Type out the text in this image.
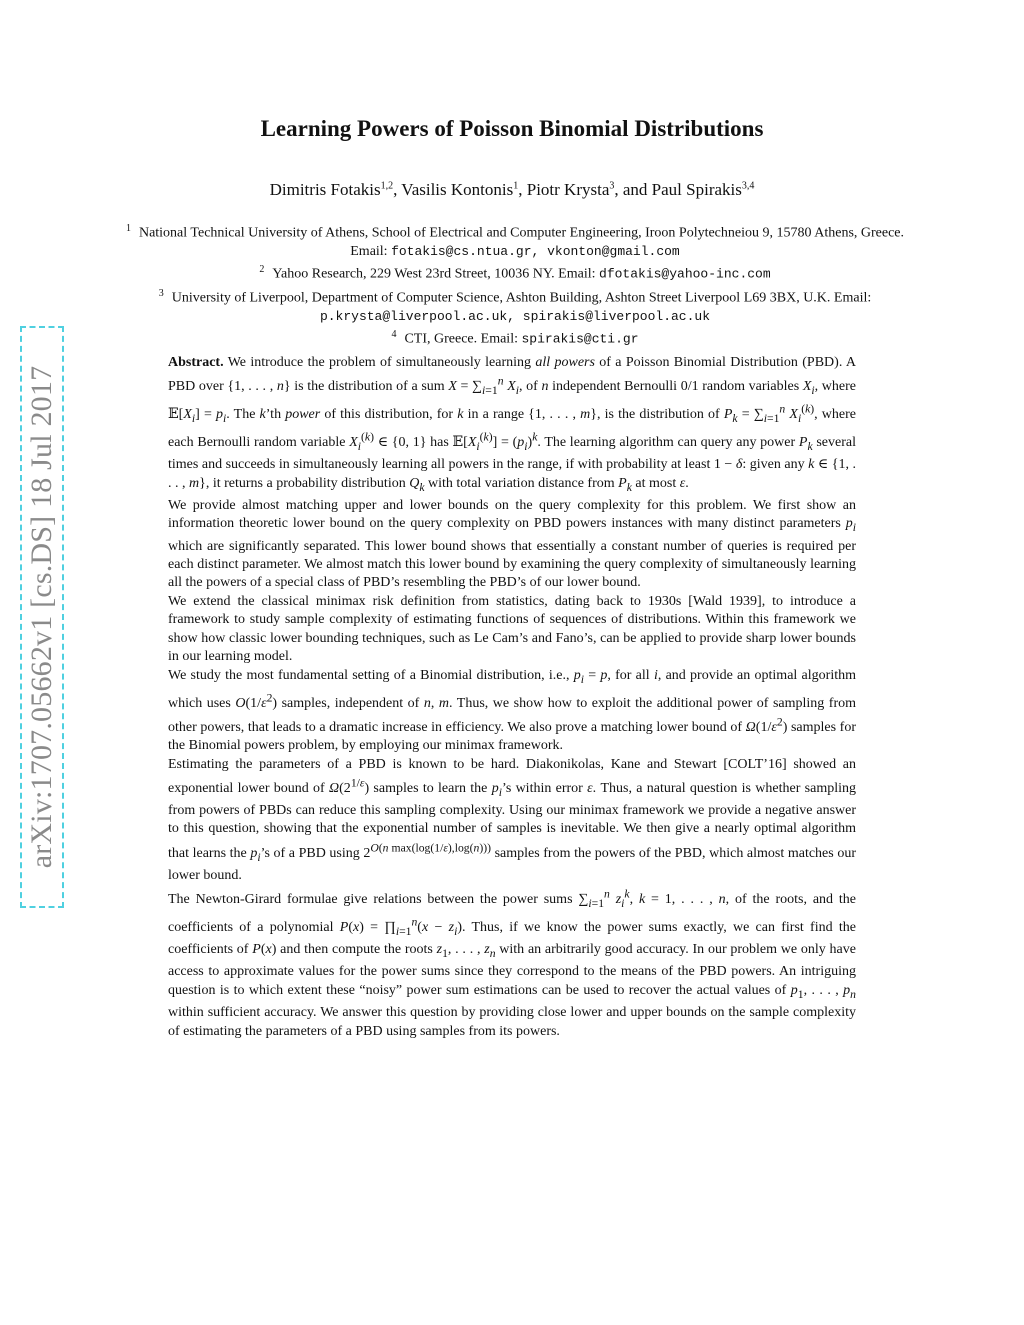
arXiv:1707.05662v1 [cs.DS] 18 Jul 2017
Learning Powers of Poisson Binomial Distributions
Dimitris Fotakis$^{1,2}$, Vasilis Kontonis$^1$, Piotr Krysta$^3$, and Paul Spirakis$^{3,4}$
$^1$ National Technical University of Athens, School of Electrical and Computer Engineering, Iroon Polytechneiou 9, 15780 Athens, Greece. Email: fotakis@cs.ntua.gr, vkonton@gmail.com
$^2$ Yahoo Research, 229 West 23rd Street, 10036 NY. Email: dfotakis@yahoo-inc.com
$^3$ University of Liverpool, Department of Computer Science, Ashton Building, Ashton Street Liverpool L69 3BX, U.K. Email: p.krysta@liverpool.ac.uk, spirakis@liverpool.ac.uk
$^4$ CTI, Greece. Email: spirakis@cti.gr

Abstract. We introduce the problem of simultaneously learning all powers of a Poisson Binomial Distribution (PBD). A PBD over {1, . . . , n} is the distribution of a sum $X = \sum_{i=1}^n$ $X_i$, of n independent Bernoulli 0/1 random variables $X_i$, where $𝔼[X_i] = p_i$. The k’th power of this distribution, for k in a range {1, . . . , m}, is the distribution of $P_k = \sum_{i=1}^n$ $X_i^{(k)}$, where each Bernoulli random variable $X_i^{(k)}$ ∈ {0, 1} has $𝔼[X_i^{(k)}] = (p_i)^k$. The learning algorithm can query any power $P_k$ several times and succeeds in simultaneously learning all powers in the range, if with probability at least 1 − δ: given any k ∈ {1, . . . , m}, it returns a probability distribution $Q_k$ with total variation distance from $P_k$ at most ε.

We provide almost matching upper and lower bounds on the query complexity for this problem. We first show an information theoretic lower bound on the query complexity on PBD powers instances with many distinct parameters $p_i$ which are significantly separated. This lower bound shows that essentially a constant number of queries is required per each distinct parameter. We almost match this lower bound by examining the query complexity of simultaneously learning all the powers of a special class of PBD’s resembling the PBD’s of our lower bound.

We extend the classical minimax risk definition from statistics, dating back to 1930s [Wald 1939], to introduce a framework to study sample complexity of estimating functions of sequences of distributions. Within this framework we show how classic lower bounding techniques, such as Le Cam’s and Fano’s, can be applied to provide sharp lower bounds in our learning model.

We study the most fundamental setting of a Binomial distribution, i.e., $p_i = p$, for all i, and provide an optimal algorithm which uses $O(1/\varepsilon^2)$ samples, independent of n, m. Thus, we show how to exploit the additional power of sampling from other powers, that leads to a dramatic increase in efficiency. We also prove a matching lower bound of $\Omega(1/\varepsilon^2)$ samples for the Binomial powers problem, by employing our minimax framework.

Estimating the parameters of a PBD is known to be hard. Diakonikolas, Kane and Stewart [COLT’16] showed an exponential lower bound of $\Omega(2^{1/\varepsilon})$ samples to learn the $p_i’s$ within error ε. Thus, a natural question is whether sampling from powers of PBDs can reduce this sampling complexity. Using our minimax framework we provide a negative answer to this question, showing that the exponential number of samples is inevitable. We then give a nearly optimal algorithm that learns the $p_i’s$ of a PBD using $2^{O(n max(log(1/\varepsilon),log(n)))}$ samples from the powers of the PBD, which almost matches our lower bound.

The Newton-Girard formulae give relations between the power sums $\sum_{i=1}^n$ $z_i^k$, k = 1, . . . , n, of the roots, and the coefficients of a polynomial $P(x) = \prod_{i=1}^n(x - z_i)$. Thus, if we know the power sums exactly, we can first find the coefficients of P(x) and then compute the roots $z_1$, . . . , $z_n$ with an arbitrarily good accuracy. In our problem we only have access to approximate values for the power sums since they correspond to the means of the PBD powers. An intriguing question is to which extent these “noisy” power sum estimations can be used to recover the actual values of $p_1$, . . . , $p_n$ within sufficient accuracy. We answer this question by providing close lower and upper bounds on the sample complexity of estimating the parameters of a PBD using samples from its powers.
